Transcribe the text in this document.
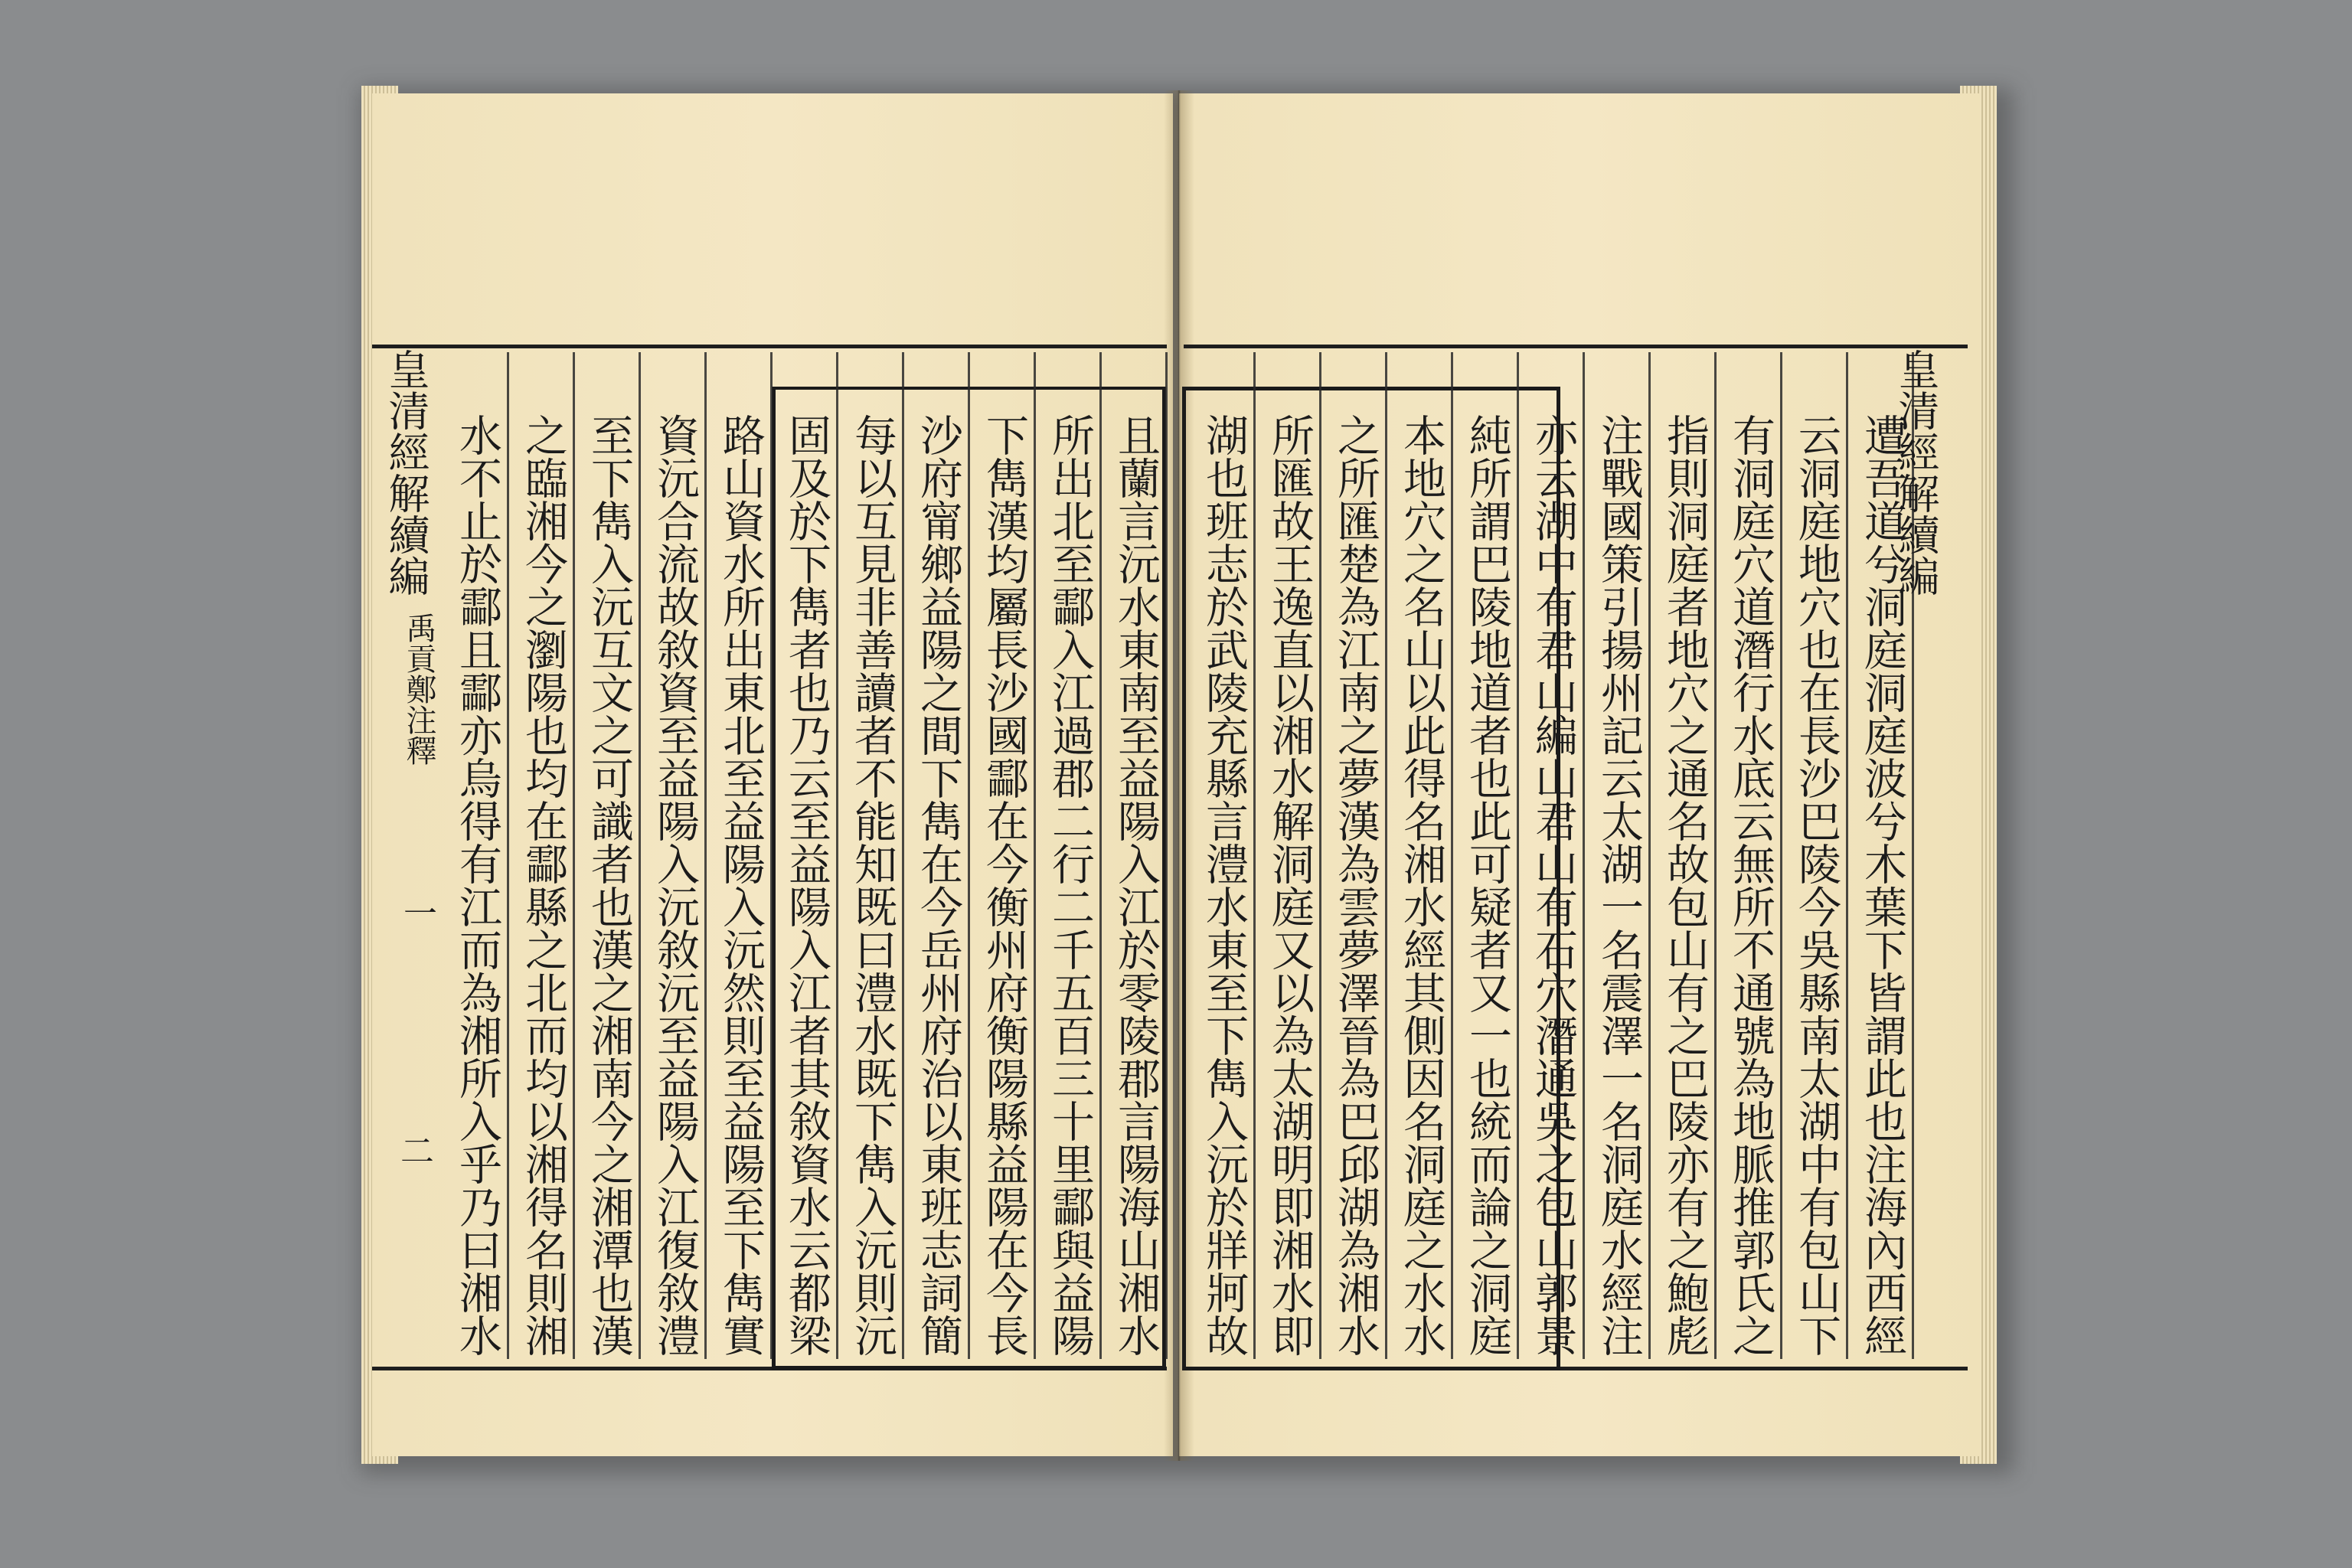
且蘭言沅水東南至益陽入江於零陵郡言陽海山湘水
所出北至酃入江過郡二行二千五百三十里酃與益陽
下雋漢均屬長沙國酃在今衡州府衡陽縣益陽在今長
沙府甯鄉益陽之間下雋在今岳州府治以東班志詞簡
每以互見非善讀者不能知既曰澧水既下雋入沅則沅
固及於下雋者也乃云至益陽入江者其敘資水云都梁
路山資水所出東北至益陽入沅然則至益陽至下雋實
資沅合流故敘資至益陽入沅敘沅至益陽入江復敘澧
至下雋入沅互文之可識者也漢之湘南今之湘潭也漢
之臨湘今之瀏陽也均在酃縣之北而均以湘得名則湘
水不止於酃且酃亦烏得有江而為湘所入乎乃曰湘水	遭吾道兮洞庭洞庭波兮木葉下皆謂此也注海內西經
云洞庭地穴也在長沙巴陵今吳縣南太湖中有包山下
有洞庭穴道潛行水底云無所不通號為地脈推郭氏之
指則洞庭者地穴之通名故包山有之巴陵亦有之鮑彪
注戰國策引揚州記云太湖一名震澤一名洞庭水經注
亦云湖中有君山編山君山有石穴潛通吳之包山郭景
純所謂巴陵地道者也此可疑者又一也統而論之洞庭
本地穴之名山以此得名湘水經其側因名洞庭之水水
之所匯楚為江南之夢漢為雲夢澤晉為巴邱湖為湘水
所匯故王逸直以湘水解洞庭又以為太湖明即湘水即
湖也班志於武陵充縣言澧水東至下雋入沅於牂牁故
皇清經解續編
禹貢鄭注釋
一
二
皇清經解續編
